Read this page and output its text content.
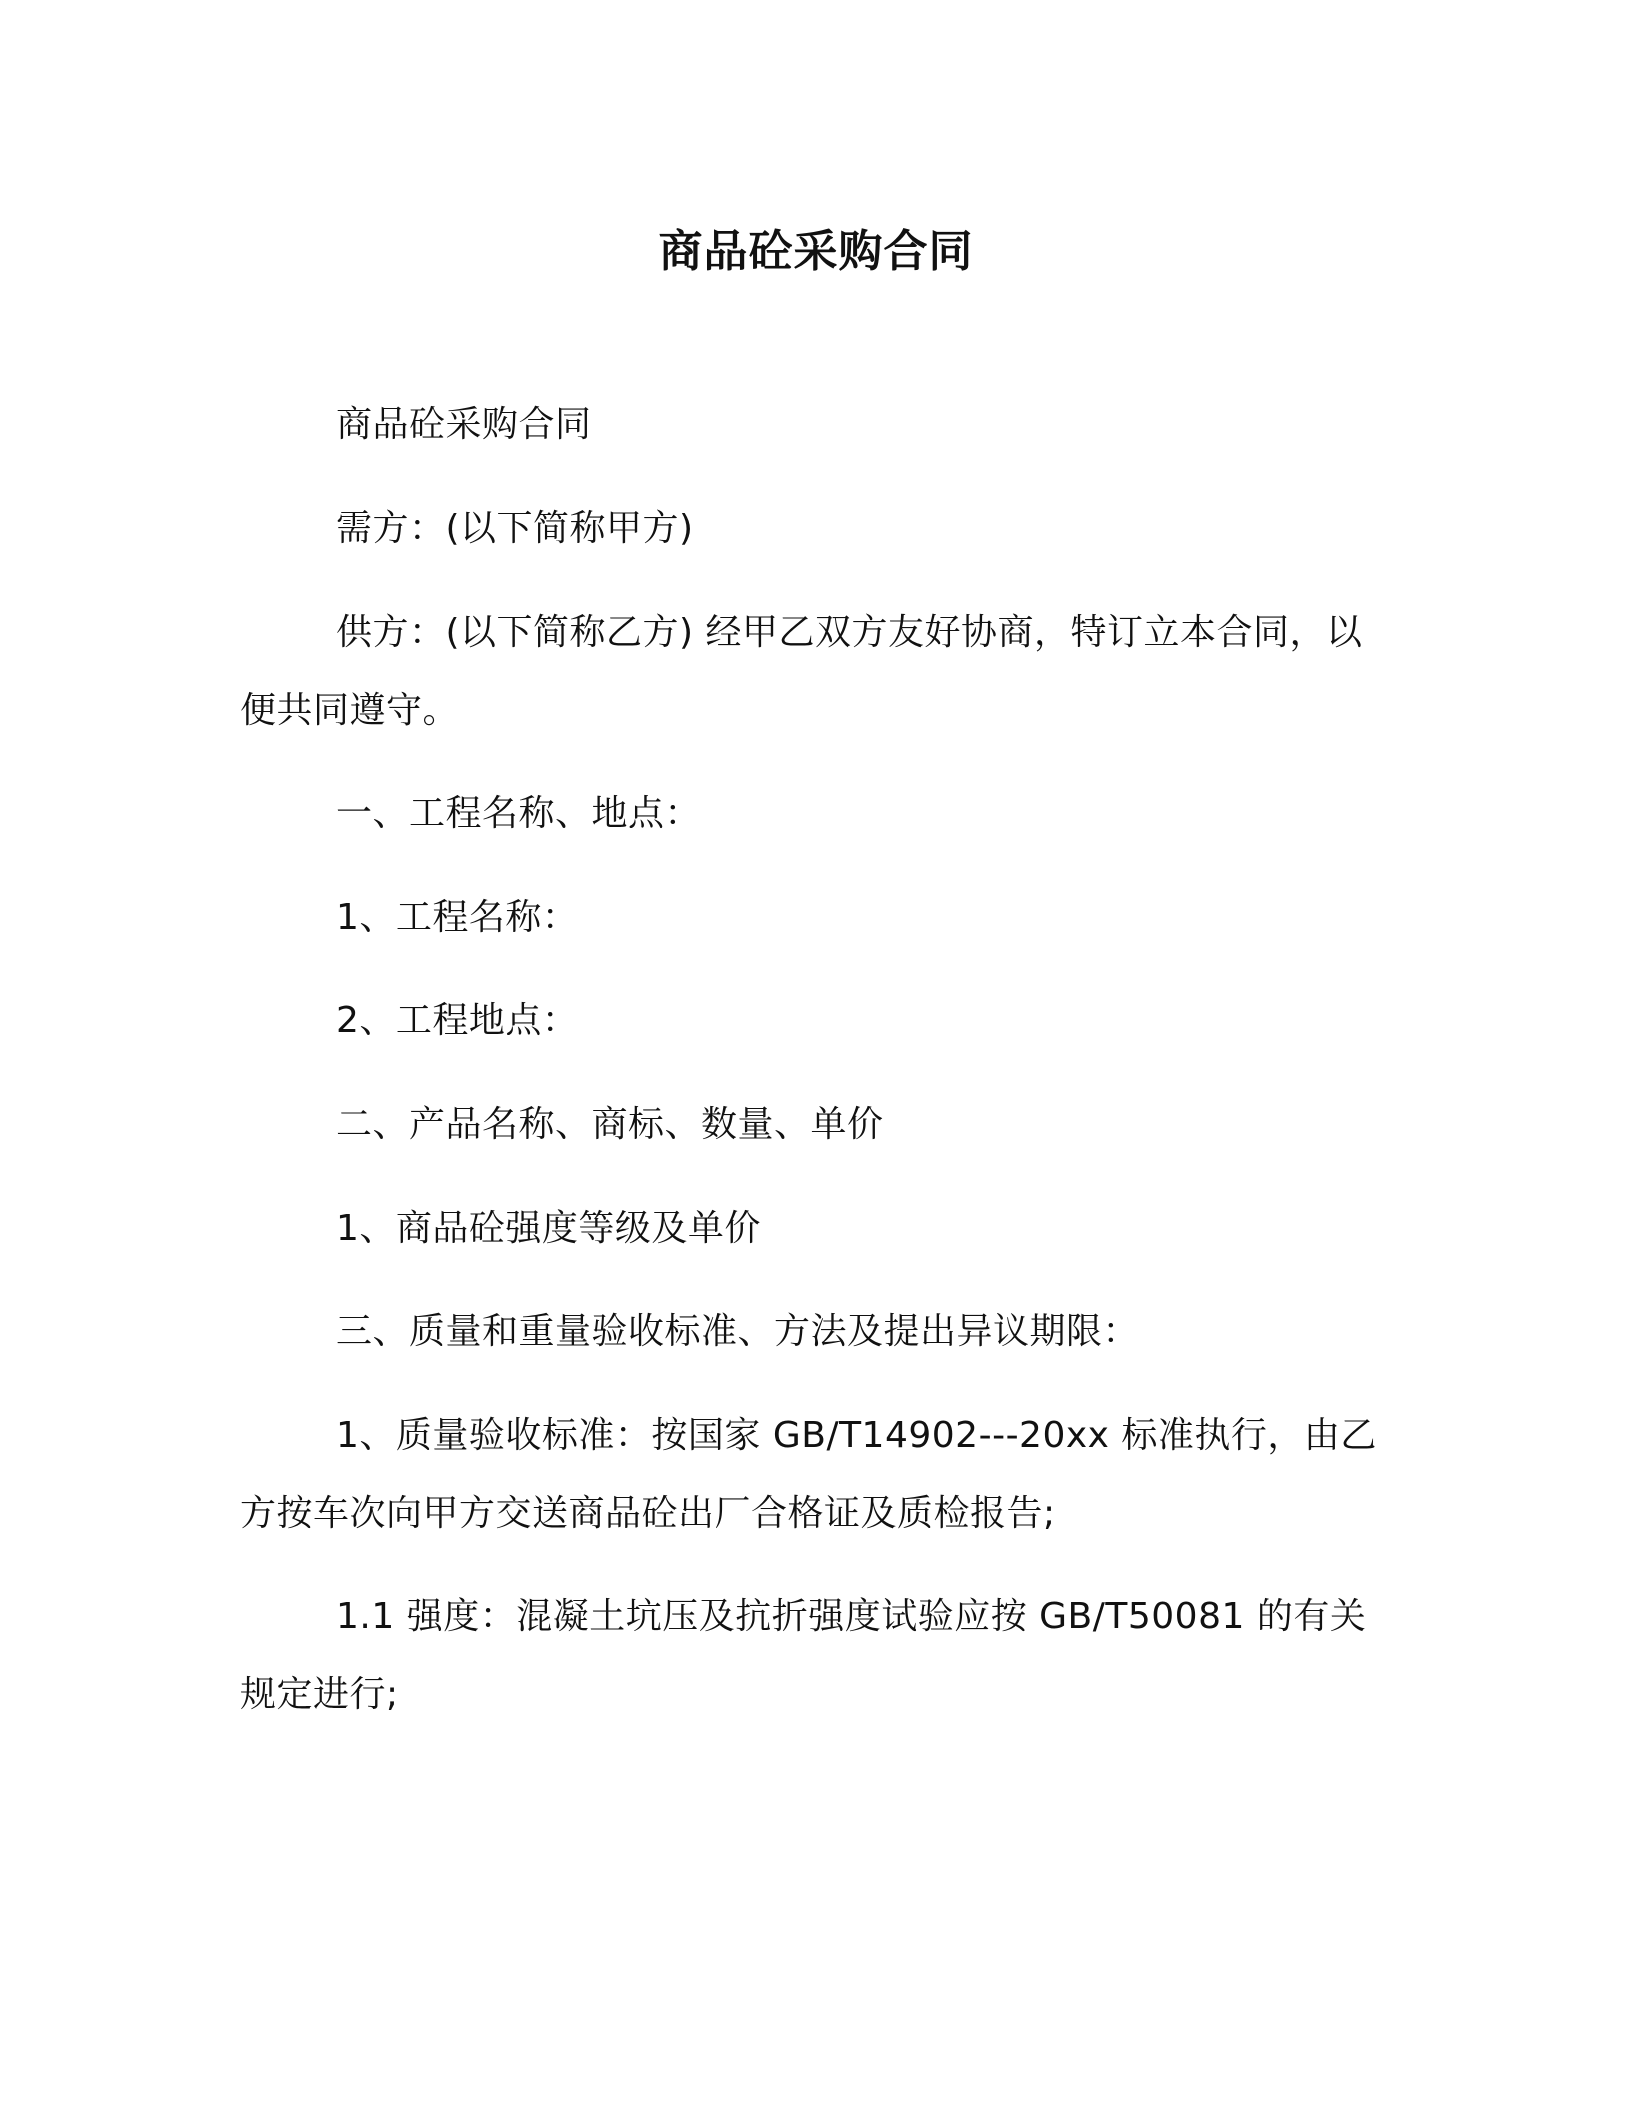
商品砼采购合同

商品砼采购合同

需方：(以下简称甲方)

供方：(以下简称乙方) 经甲乙双方友好协商，特订立本合同，以便共同遵守。

一、工程名称、地点：

1、工程名称：

2、工程地点：

二、产品名称、商标、数量、单价

1、商品砼强度等级及单价

三、质量和重量验收标准、方法及提出异议期限：

1、质量验收标准：按国家 GB/T14902---20xx 标准执行，由乙方按车次向甲方交送商品砼出厂合格证及质检报告;

1.1 强度：混凝土坑压及抗折强度试验应按 GB/T50081 的有关规定进行;
